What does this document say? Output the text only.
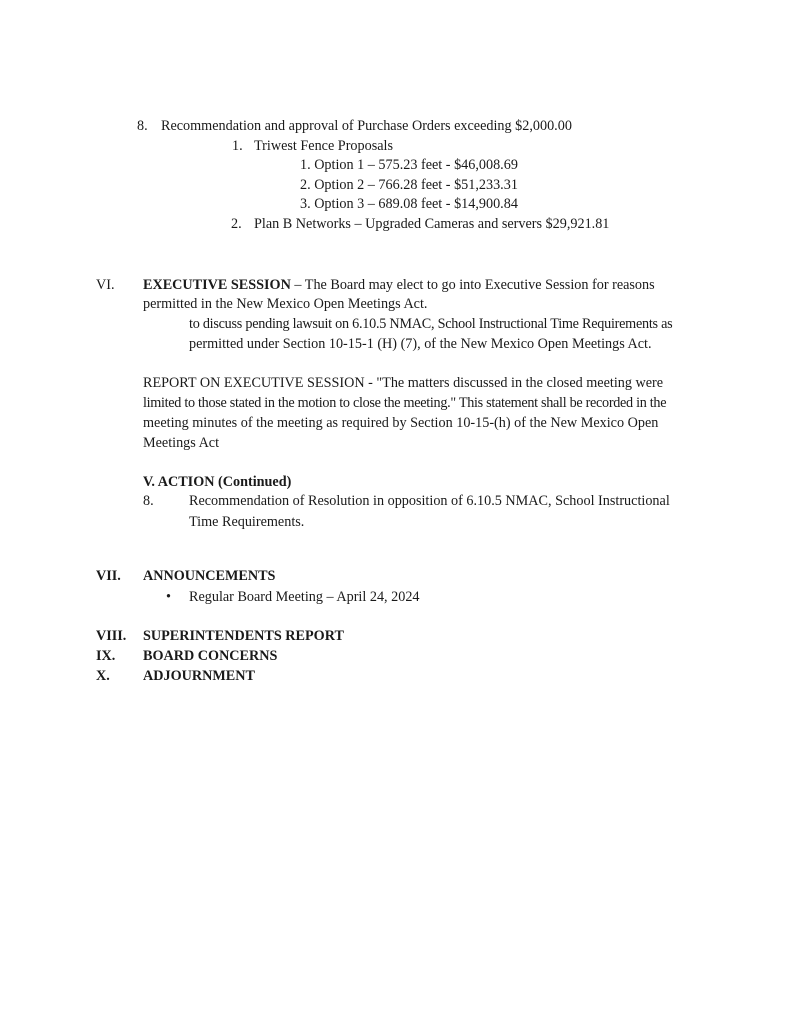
8. Recommendation and approval of Purchase Orders exceeding $2,000.00
1. Triwest Fence Proposals
1. Option 1 – 575.23 feet - $46,008.69
2. Option 2 – 766.28 feet - $51,233.31
3. Option 3 – 689.08 feet - $14,900.84
2. Plan B Networks – Upgraded Cameras and servers $29,921.81
VI. EXECUTIVE SESSION – The Board may elect to go into Executive Session for reasons
permitted in the New Mexico Open Meetings Act.
to discuss pending lawsuit on 6.10.5 NMAC, School Instructional Time Requirements as
permitted under Section 10-15-1 (H) (7), of the New Mexico Open Meetings Act.
REPORT ON EXECUTIVE SESSION - "The matters discussed in the closed meeting were
limited to those stated in the motion to close the meeting." This statement shall be recorded in the
meeting minutes of the meeting as required by Section 10-15-(h) of the New Mexico Open
Meetings Act
V. ACTION (Continued)
8. Recommendation of Resolution in opposition of 6.10.5 NMAC, School Instructional
Time Requirements.
VII. ANNOUNCEMENTS
• Regular Board Meeting – April 24, 2024
VIII. SUPERINTENDENTS REPORT
IX. BOARD CONCERNS
X. ADJOURNMENT
